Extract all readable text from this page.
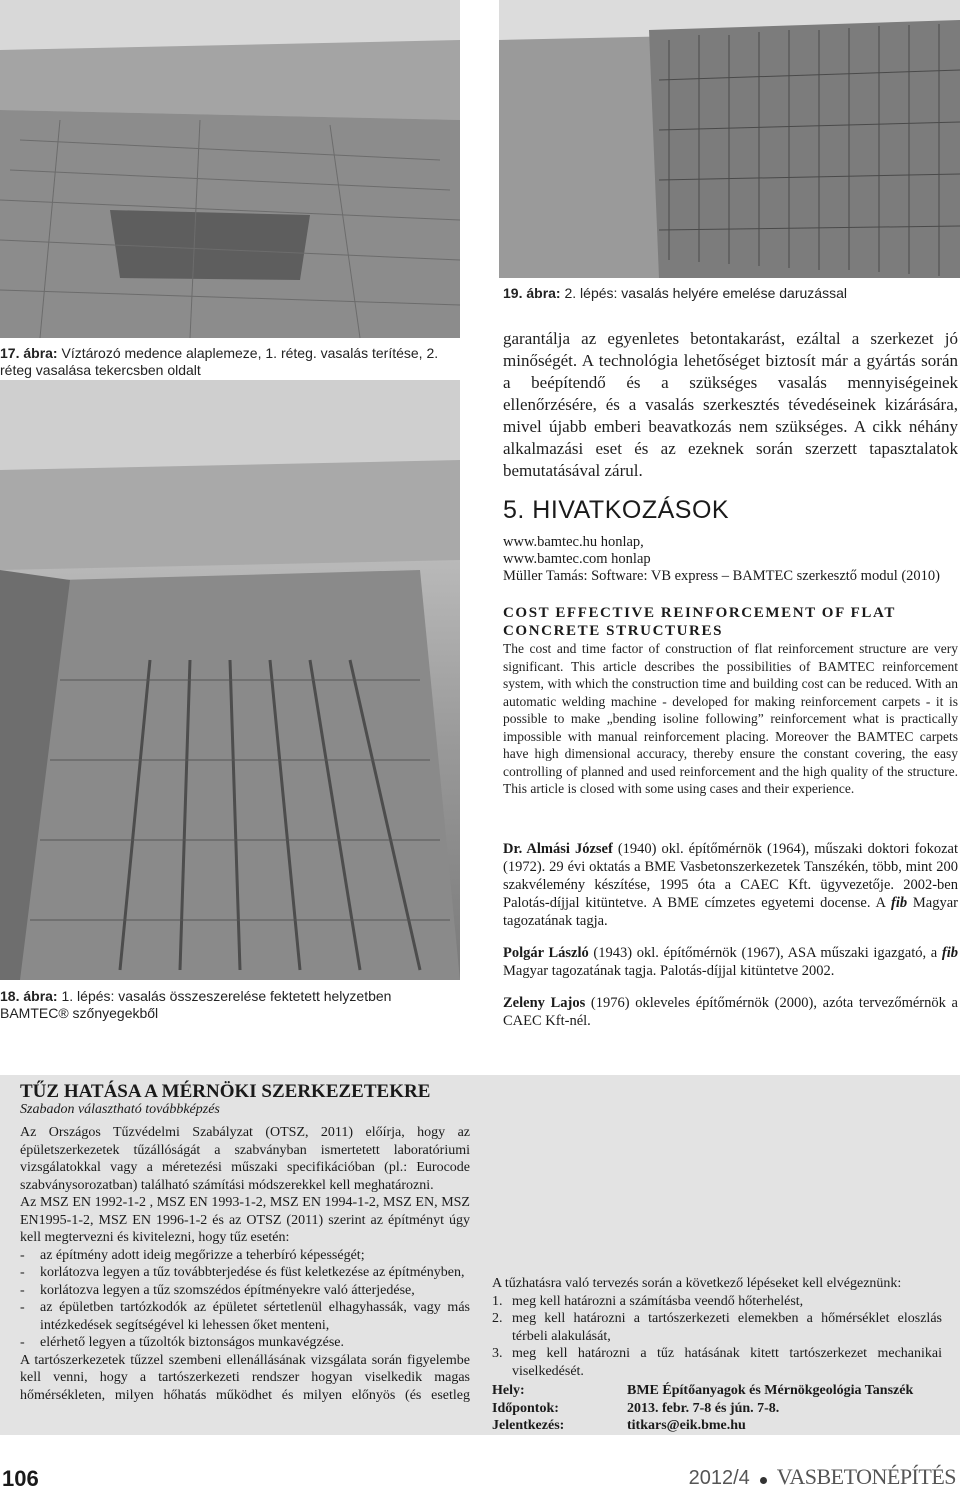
17. ábra: Víztározó medence alaplemeze, 1. réteg. vasalás terítése, 2. réteg vasalása tekercsben oldalt
19. ábra: 2. lépés: vasalás helyére emelése daruzással
18. ábra: 1. lépés: vasalás összeszerelése fektetett helyzetben BAMTEC® szőnyegekből
garantálja az egyenletes betontakarást, ezáltal a szerkezet jó
minőségét. A technológia lehetőséget biztosít már a gyártás során a beépítendő és a szükséges vasalás mennyiségeinek ellenőrzésére, és a vasalás szerkesztés tévedéseinek kizárására, mivel újabb emberi beavatkozás nem szükséges. A cikk néhány alkalmazási eset és az ezeknek során szerzett tapasztalatok bemutatásával zárul.
5. HIVATKOZÁSOK
www.bamtec.hu honlap,
www.bamtec.com honlap
Müller Tamás: Software: VB express – BAMTEC szerkesztő modul (2010)
COST EFFECTIVE REINFORCEMENT OF FLAT CONCRETE STRUCTURES
The cost and time factor of construction of flat reinforcement structure are very significant. This article describes the possibilities of BAMTEC reinforcement system, with which the construction time and building cost can be reduced. With an automatic welding machine - developed for making reinforcement carpets - it is possible to make „bending isoline following” reinforcement what is practically impossible with manual reinforcement placing. Moreover the BAMTEC carpets have high dimensional accuracy, thereby ensure the constant covering, the easy controlling of planned and used reinforcement and the high quality of the structure. This article is closed with some using cases and their experience.
Dr. Almási József (1940) okl. építőmérnök (1964), műszaki doktori fokozat (1972). 29 évi oktatás a BME Vasbetonszerkezetek Tanszékén, több, mint 200 szakvélemény készítése, 1995 óta a CAEC Kft. ügyvezetője. 2002-ben Palotás-díjjal kitüntetve. A BME címzetes egyetemi docense. A fib Magyar tagozatának tagja.
Polgár László (1943) okl. építőmérnök (1967), ASA műszaki igazgató, a fib Magyar tagozatának tagja. Palotás-díjjal kitüntetve 2002.
Zeleny Lajos (1976) okleveles építőmérnök (2000), azóta tervezőmérnök a CAEC Kft-nél.
TŰZ HATÁSA A MÉRNÖKI SZERKEZETEKRE
Szabadon választható továbbképzés
Az Országos Tűzvédelmi Szabályzat (OTSZ, 2011) előírja, hogy az épületszerkezetek tűzállóságát a szabványban ismertetett laboratóriumi vizsgálatokkal vagy a méretezési műszaki specifikációban (pl.: Eurocode szabványsorozatban) található számítási módszerekkel kell meghatározni.
Az MSZ EN 1992-1-2 , MSZ EN 1993-1-2, MSZ EN 1994-1-2, MSZ EN, MSZ EN1995-1-2, MSZ EN 1996-1-2 és az OTSZ (2011) szerint az építményt úgy kell megtervezni és kivitelezni, hogy tűz esetén:
- az építmény adott ideig megőrizze a teherbíró képességét;
- korlátozva legyen a tűz továbbterjedése és füst keletkezése az építményben,
- korlátozva legyen a tűz szomszédos építményekre való átterjedése,
- az épületben tartózkodók az épületet sértetlenül elhagyhassák, vagy más intézkedések segítségével ki lehessen őket menteni,
- elérhető legyen a tűzoltók biztonságos munkavégzése.
A tartószerkezetek tűzzel szembeni ellenállásának vizsgálata során figyelembe kell venni, hogy a tartószerkezeti rendszer hogyan viselkedik magas hőmérsékleten, milyen hőhatás működhet és milyen előnyös (és esetleg
A tűzhatásra való tervezés során a következő lépéseket kell elvégeznünk:
1. meg kell határozni a számításba veendő hőterhelést,
2. meg kell határozni a tartószerkezeti elemekben a hőmérséklet eloszlás térbeli alakulását,
3. meg kell határozni a tűz hatásának kitett tartószerkezet mechanikai viselkedését.
Hely:	BME Építőanyagok és Mérnökgeológia Tanszék
Időpontok:	2013. febr. 7-8 és jún. 7-8.
Jelentkezés:	titkars@eik.bme.hu
106	2012/4 VASBETONÉPÍTÉS
